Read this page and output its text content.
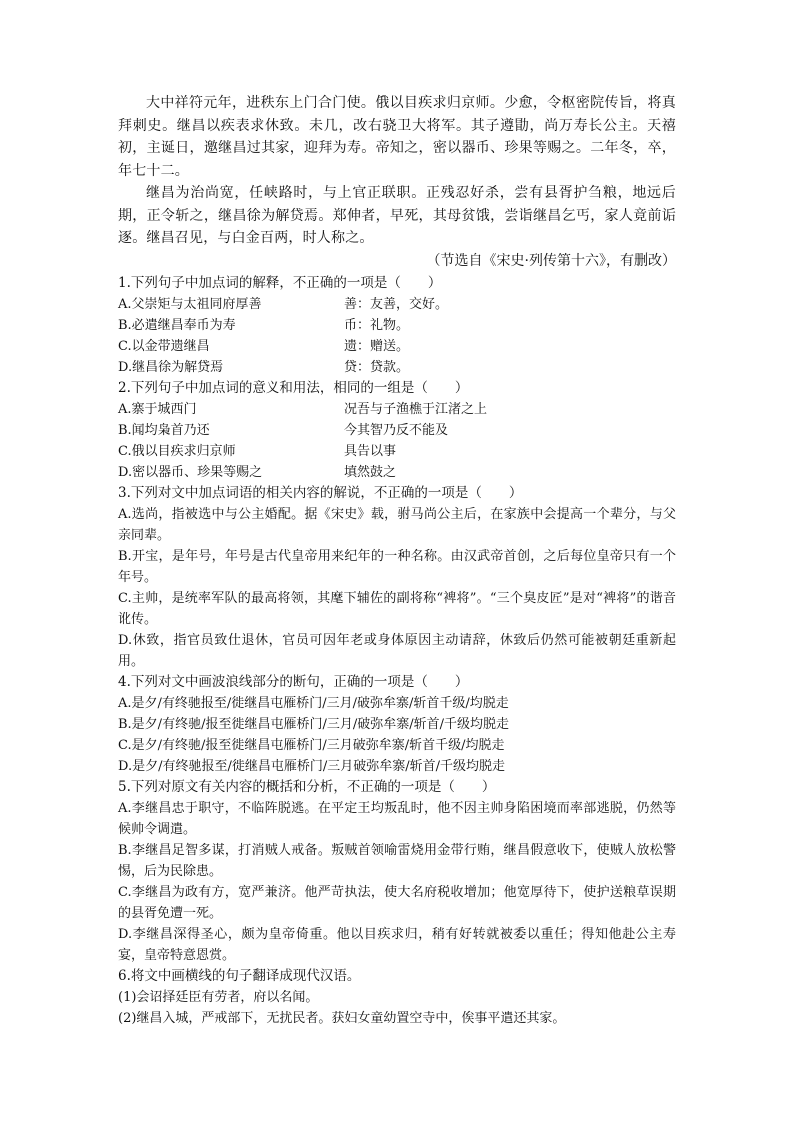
大中祥符元年，进秩东上门合门使。俄以目疾求归京师。少愈，令枢密院传旨，将真拜刺史。继昌以疾表求休致。未几，改右骁卫大将军。其子遵勖，尚万寿长公主。天禧初，主诞日，邀继昌过其家，迎拜为寿。帝知之，密以器币、珍果等赐之。二年冬，卒，年七十二。

继昌为治尚宽，任峡路时，与上官正联职。正残忍好杀，尝有县胥护刍粮，地远后期，正令斩之，继昌徐为解贷焉。郑伸者，早死，其母贫饿，尝诣继昌乞丐，家人竟前诟逐。继昌召见，与白金百两，时人称之。

（节选自《宋史·列传第十六》，有删改）

1.下列句子中加点词的解释，不正确的一项是（　　）

A.父崇矩与太祖同府厚善	善：友善，交好。
B.必遣继昌奉币为寿	币：礼物。
C.以金带遗继昌	遗：赠送。
D.继昌徐为解贷焉	贷：贷款。

2.下列句子中加点词的意义和用法，相同的一组是（　　）

A.寨于城西门	况吾与子渔樵于江渚之上
B.闻均枭首乃还	今其智乃反不能及
C.俄以目疾求归京师	具告以事
D.密以器币、珍果等赐之	填然鼓之

3.下列对文中加点词语的相关内容的解说，不正确的一项是（　　）

A.选尚，指被选中与公主婚配。据《宋史》载，驸马尚公主后，在家族中会提高一个辈分，与父亲同辈。

B.开宝，是年号，年号是古代皇帝用来纪年的一种名称。由汉武帝首创，之后每位皇帝只有一个年号。

C.主帅，是统率军队的最高将领，其麾下辅佐的副将称“裨将”。“三个臭皮匠”是对“裨将”的谐音讹传。

D.休致，指官员致仕退休，官员可因年老或身体原因主动请辞，休致后仍然可能被朝廷重新起用。

4.下列对文中画波浪线部分的断句，正确的一项是（　　）

A.是夕/有终驰报至/徙继昌屯雁桥门/三月/破弥牟寨/斩首千级/均脱走

B.是夕/有终驰/报至徙继昌屯雁桥门/三月/破弥牟寨/斩首/千级均脱走

C.是夕/有终驰/报至徙继昌屯雁桥门/三月破弥牟寨/斩首千级/均脱走

D.是夕/有终驰报至/徙继昌屯雁桥门/三月破弥牟寨/斩首/千级均脱走

5.下列对原文有关内容的概括和分析，不正确的一项是（　　）

A.李继昌忠于职守，不临阵脱逃。在平定王均叛乱时，他不因主帅身陷困境而率部逃脱，仍然等候帅令调遣。

B.李继昌足智多谋，打消贼人戒备。叛贼首领喻雷烧用金带行贿，继昌假意收下，使贼人放松警惕，后为民除患。

C.李继昌为政有方，宽严兼济。他严苛执法，使大名府税收增加；他宽厚待下，使护送粮草误期的县胥免遭一死。

D.李继昌深得圣心，颇为皇帝倚重。他以目疾求归，稍有好转就被委以重任；得知他赴公主寿宴，皇帝特意恩赏。

6.将文中画横线的句子翻译成现代汉语。

(1)会诏择廷臣有劳者，府以名闻。

(2)继昌入城，严戒部下，无扰民者。获妇女童幼置空寺中，俟事平遣还其家。
